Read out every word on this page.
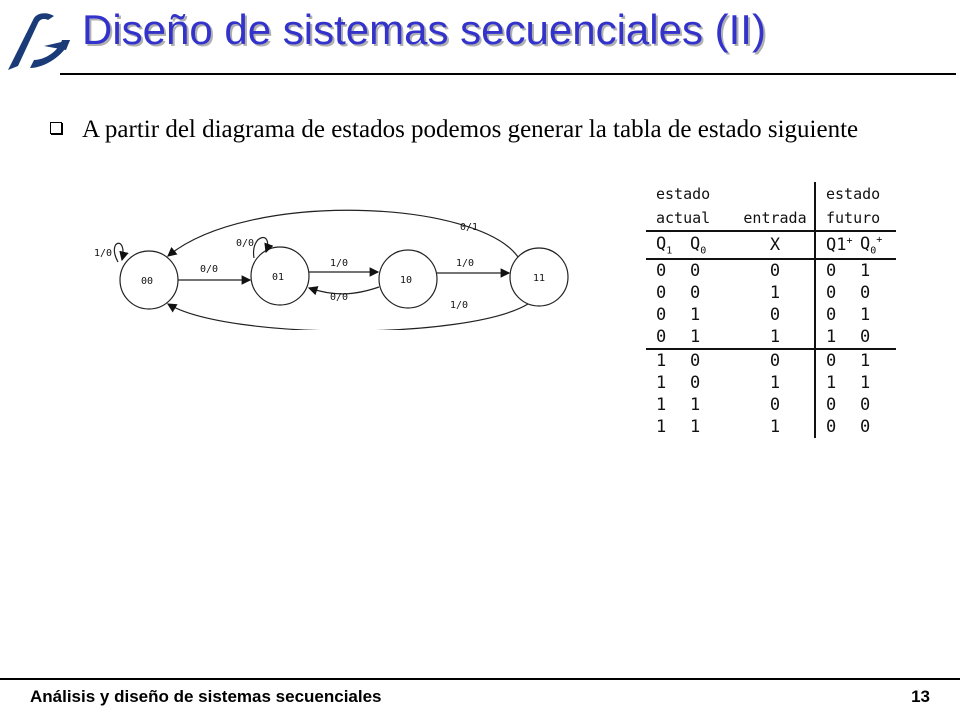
Diseño de sistemas secuenciales (II)
A partir del diagrama de estados podemos generar la tabla de estado siguiente
00	01	10	11
1/0
0/0
0/0
1/0
0/0
1/0
0/1
1/0
estado			estado	
actual		entrada	futuro	
$Q_1$	$Q_0$	X	Q1+	$Q_0^+$
0	0	0	0	1
0	0	1	0	0
0	1	0	0	1
0	1	1	1	0
1	0	0	0	1
1	0	1	1	1
1	1	0	0	0
1	1	1	0	0
Análisis y diseño de sistemas secuenciales	13
